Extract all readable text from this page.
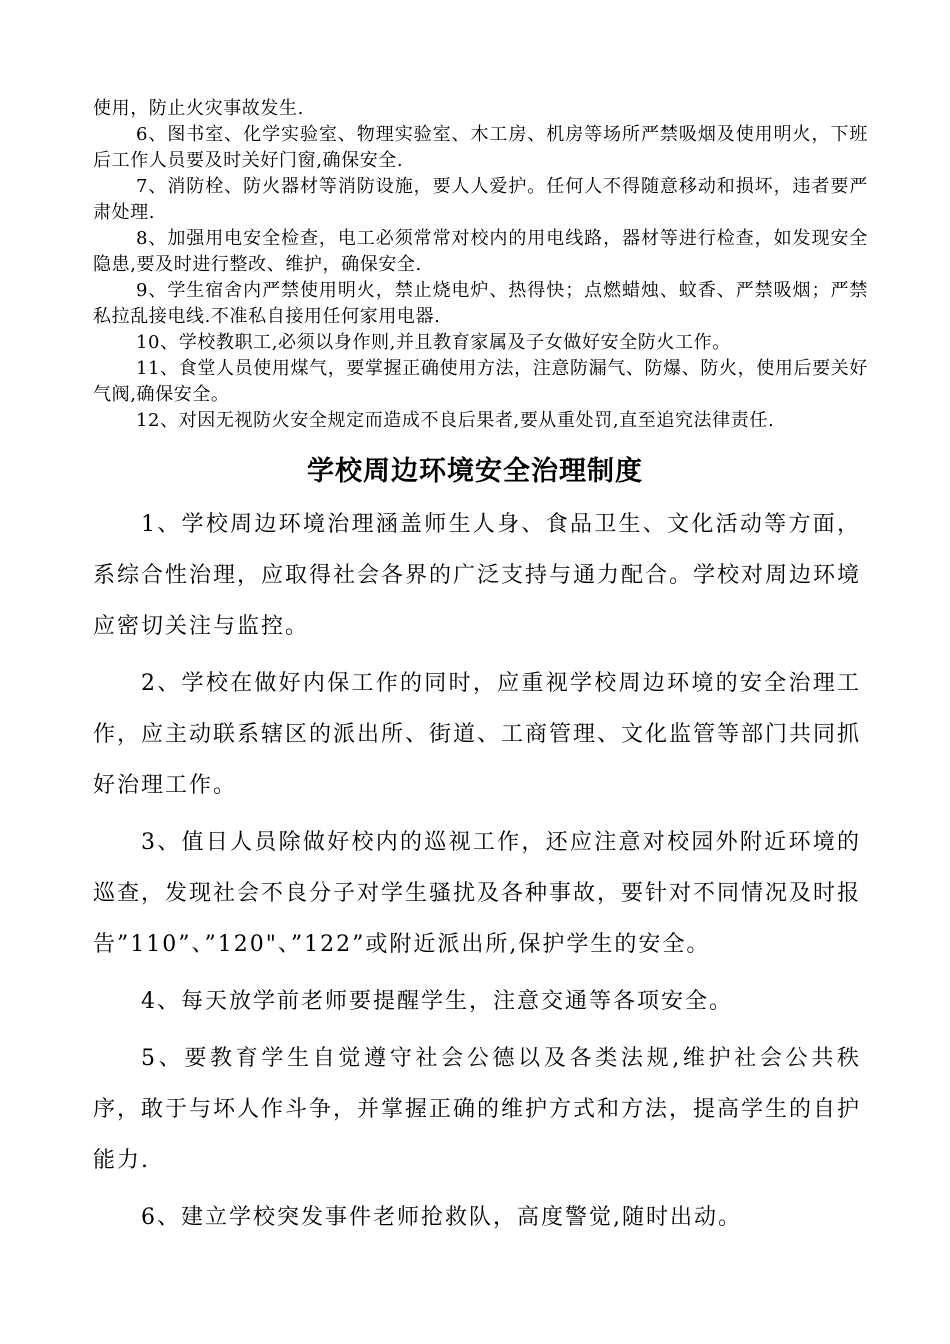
使用，防止火灾事故发生.

6、图书室、化学实验室、物理实验室、木工房、机房等场所严禁吸烟及使用明火，下班后工作人员要及时关好门窗,确保安全.

7、消防栓、防火器材等消防设施，要人人爱护。任何人不得随意移动和损坏，违者要严肃处理.

8、加强用电安全检查，电工必须常常对校内的用电线路，器材等进行检查，如发现安全隐患,要及时进行整改、维护，确保安全.

9、学生宿舍内严禁使用明火，禁止烧电炉、热得快；点燃蜡烛、蚊香、严禁吸烟；严禁私拉乱接电线.不准私自接用任何家用电器.

10、学校教职工,必须以身作则,并且教育家属及子女做好安全防火工作。

11、食堂人员使用煤气，要掌握正确使用方法，注意防漏气、防爆、防火，使用后要关好气阀,确保安全。

12、对因无视防火安全规定而造成不良后果者,要从重处罚,直至追究法律责任.

学校周边环境安全治理制度

1、学校周边环境治理涵盖师生人身、食品卫生、文化活动等方面，系综合性治理，应取得社会各界的广泛支持与通力配合。学校对周边环境应密切关注与监控。

2、学校在做好内保工作的同时，应重视学校周边环境的安全治理工作，应主动联系辖区的派出所、街道、工商管理、文化监管等部门共同抓好治理工作。

3、值日人员除做好校内的巡视工作，还应注意对校园外附近环境的巡查，发现社会不良分子对学生骚扰及各种事故，要针对不同情况及时报告”110”、”120"、”122”或附近派出所,保护学生的安全。

4、每天放学前老师要提醒学生，注意交通等各项安全。

5、要教育学生自觉遵守社会公德以及各类法规,维护社会公共秩序，敢于与坏人作斗争，并掌握正确的维护方式和方法，提高学生的自护能力.

6、建立学校突发事件老师抢救队，高度警觉,随时出动。
